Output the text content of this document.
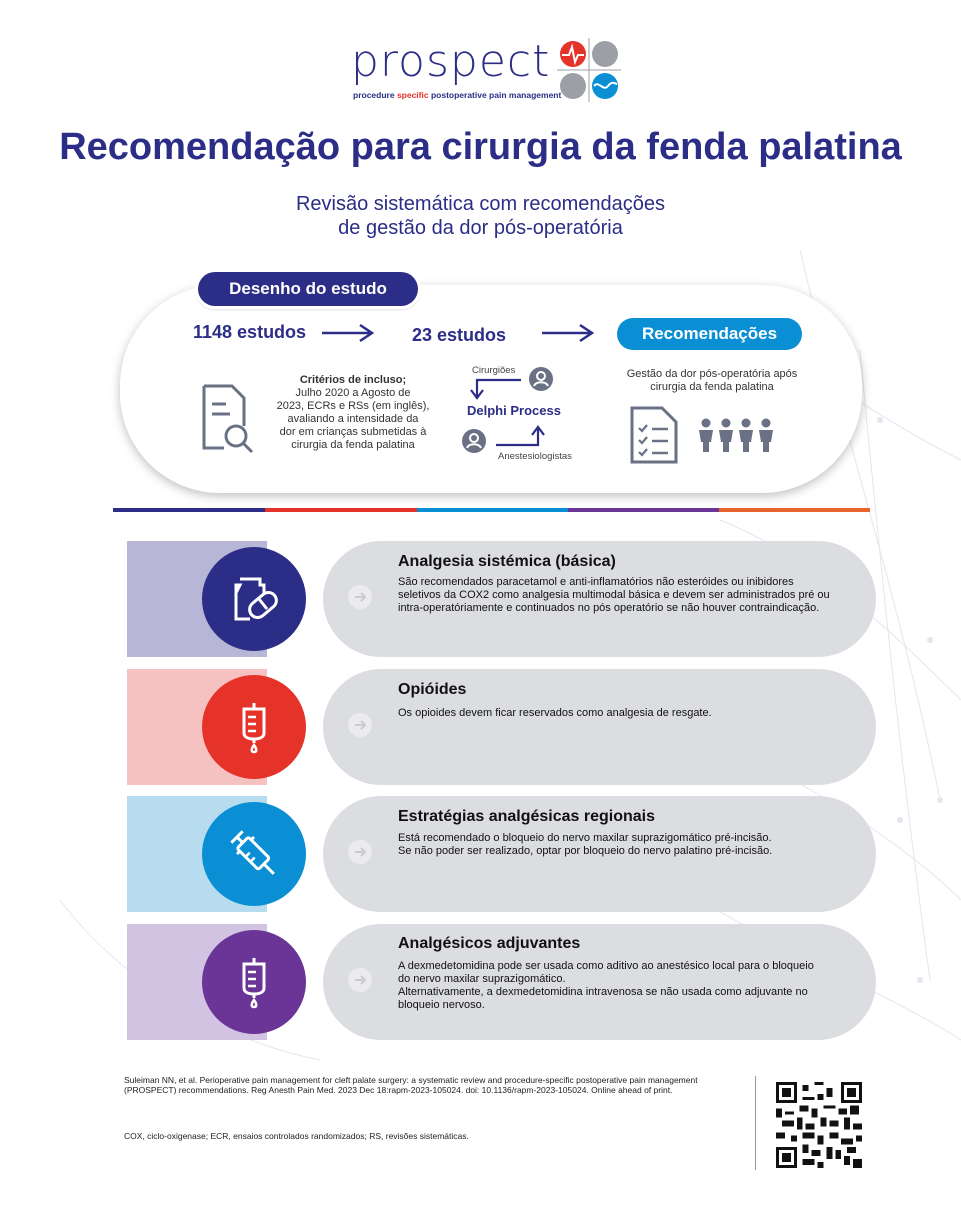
prospect
procedure specific postoperative pain management
Recomendação para cirurgia da fenda palatina
Revisão sistemática com recomendações
de gestão da dor pós-operatória
Desenho do estudo
1148 estudos	23 estudos	Recomendações
Critérios de incluso;
Julho 2020 a Agosto de
2023, ECRs e RSs (em inglês),
avaliando a intensidade da
dor em crianças submetidas à
cirurgia da fenda palatina
Cirurgiões
Delphi Process
Anestesiologistas
Gestão da dor pós-operatória após
cirurgia da fenda palatina
Analgesia sistémica (básica)
São recomendados paracetamol e anti-inflamatórios não esteróides ou inibidores seletivos da COX2 como analgesia multimodal básica e devem ser administrados pré ou intra-operatóriamente e continuados no pós operatório se não houver contraindicação.
Opióides
Os opioides devem ficar reservados como analgesia de resgate.
Estratégias analgésicas regionais
Está recomendado o bloqueio do nervo maxilar suprazigomático pré-incisão.
Se não poder ser realizado, optar por bloqueio do nervo palatino pré-incisão.
Analgésicos adjuvantes
A dexmedetomidina pode ser usada como aditivo ao anestésico local para o bloqueio do nervo maxilar suprazigomático.
Alternativamente, a dexmedetomidina intravenosa se não usada como adjuvante no bloqueio nervoso.
Suleiman NN, et al. Perioperative pain management for cleft palate surgery: a systematic review and procedure-specific postoperative pain management (PROSPECT) recommendations. Reg Anesth Pain Med. 2023 Dec 18:rapm-2023-105024. doi: 10.1136/rapm-2023-105024. Online ahead of print.
COX, ciclo-oxigenase; ECR, ensaios controlados randomizados; RS, revisões sistemáticas.
